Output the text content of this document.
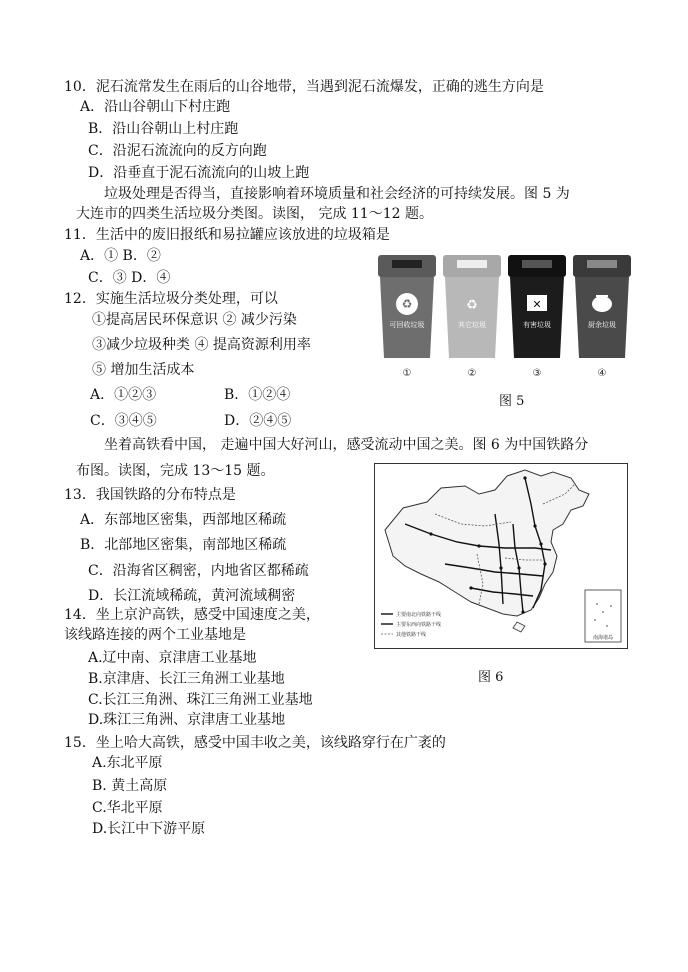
10．泥石流常发生在雨后的山谷地带，当遇到泥石流爆发，正确的逃生方向是
A．沿山谷朝山下村庄跑
B．沿山谷朝山上村庄跑
C．沿泥石流流向的反方向跑
D．沿垂直于泥石流流向的山坡上跑
垃圾处理是否得当，直接影响着环境质量和社会经济的可持续发展。图 5 为
大连市的四类生活垃圾分类图。读图， 完成 11～12 题。
11．生活中的废旧报纸和易拉罐应该放进的垃圾箱是
A．① B．②
C．③ D．④
12．实施生活垃圾分类处理，可以
①提高居民环保意识 ② 减少污染
③减少垃圾种类 ④ 提高资源利用率
⑤ 增加生活成本
A．①②③	B．①②④
C．③④⑤	D．②④⑤
♻
可回收垃圾
①
♻
其它垃圾
②
✕
有害垃圾
③
厨余垃圾
④
图 5
坐着高铁看中国， 走遍中国大好河山，感受流动中国之美。图 6 为中国铁路分
布图。读图，完成 13～15 题。
13．我国铁路的分布特点是
A．东部地区密集，西部地区稀疏
B．北部地区密集，南部地区稀疏
C．沿海省区稠密，内地省区都稀疏
D．长江流域稀疏，黄河流域稠密
14．坐上京沪高铁，感受中国速度之美，
该线路连接的两个工业基地是
A.辽中南、京津唐工业基地
B.京津唐、长江三角洲工业基地
C.长江三角洲、珠江三角洲工业基地
D.珠江三角洲、京津唐工业基地
南海诸岛
主要南北向铁路干线
主要东西向铁路干线
其他铁路干线
图 6
15．坐上哈大高铁，感受中国丰收之美，该线路穿行在广袤的
A.东北平原
B. 黄土高原
C.华北平原
D.长江中下游平原
